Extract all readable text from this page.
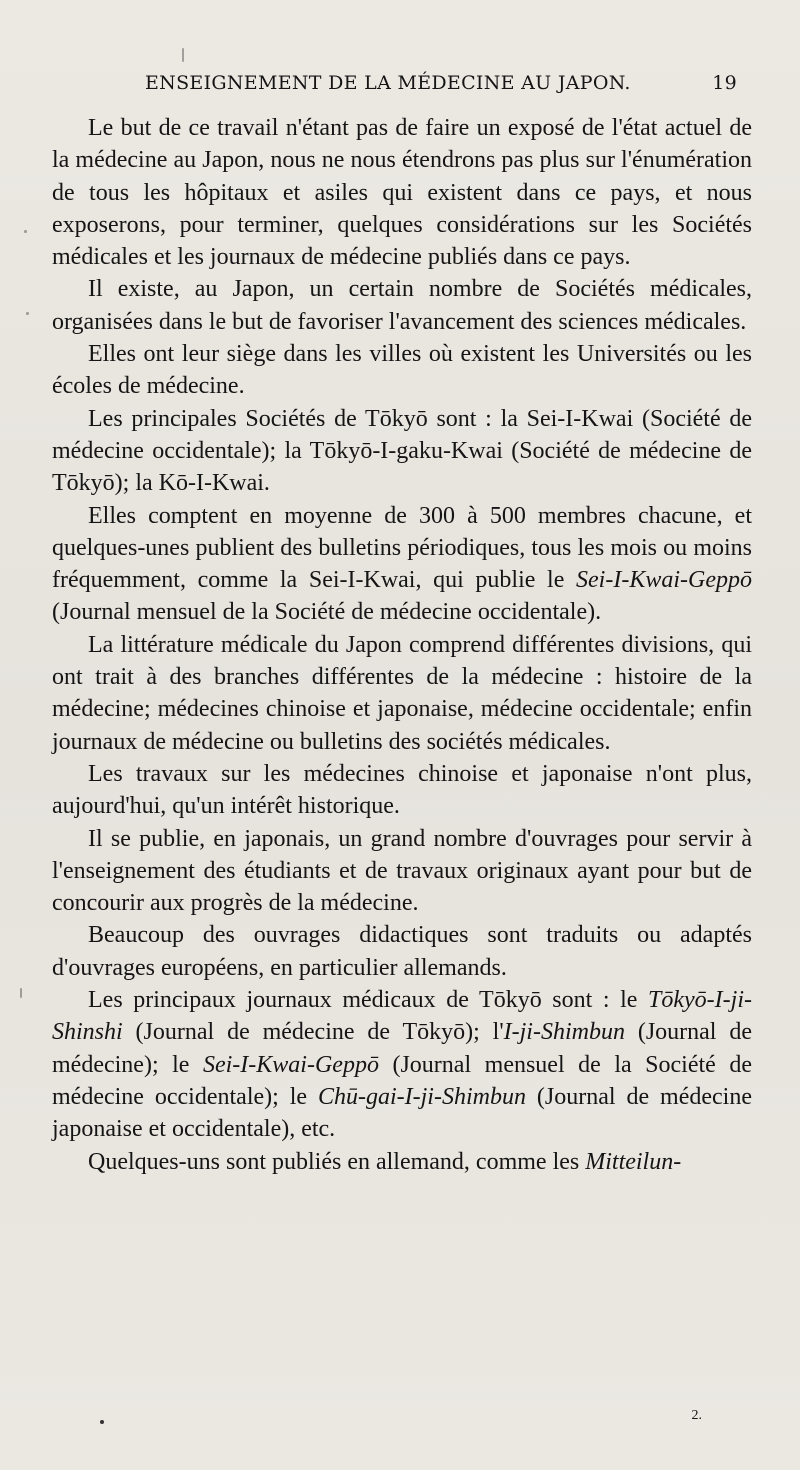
ENSEIGNEMENT DE LA MÉDECINE AU JAPON.	19

Le but de ce travail n'étant pas de faire un exposé de l'état actuel de la médecine au Japon, nous ne nous étendrons pas plus sur l'énumération de tous les hôpitaux et asiles qui existent dans ce pays, et nous exposerons, pour terminer, quelques considérations sur les Sociétés médicales et les journaux de médecine publiés dans ce pays.

Il existe, au Japon, un certain nombre de Sociétés médicales, organisées dans le but de favoriser l'avancement des sciences médicales.

Elles ont leur siège dans les villes où existent les Universités ou les écoles de médecine.

Les principales Sociétés de Tōkyō sont : la Sei-I-Kwai (Société de médecine occidentale); la Tōkyō-I-gaku-Kwai (Société de médecine de Tōkyō); la Kō-I-Kwai.

Elles comptent en moyenne de 300 à 500 membres chacune, et quelques-unes publient des bulletins périodiques, tous les mois ou moins fréquemment, comme la Sei-I-Kwai, qui publie le Sei-I-Kwai-Geppō (Journal mensuel de la Société de médecine occidentale).

La littérature médicale du Japon comprend différentes divisions, qui ont trait à des branches différentes de la médecine : histoire de la médecine; médecines chinoise et japonaise, médecine occidentale; enfin journaux de médecine ou bulletins des sociétés médicales.

Les travaux sur les médecines chinoise et japonaise n'ont plus, aujourd'hui, qu'un intérêt historique.

Il se publie, en japonais, un grand nombre d'ouvrages pour servir à l'enseignement des étudiants et de travaux originaux ayant pour but de concourir aux progrès de la médecine.

Beaucoup des ouvrages didactiques sont traduits ou adaptés d'ouvrages européens, en particulier allemands.

Les principaux journaux médicaux de Tōkyō sont : le Tōkyō-I-ji-Shinshi (Journal de médecine de Tōkyō); l'I-ji-Shimbun (Journal de médecine); le Sei-I-Kwai-Geppō (Journal mensuel de la Société de médecine occidentale); le Chū-gai-I-ji-Shimbun (Journal de médecine japonaise et occidentale), etc.

Quelques-uns sont publiés en allemand, comme les Mitteilun-

2.
